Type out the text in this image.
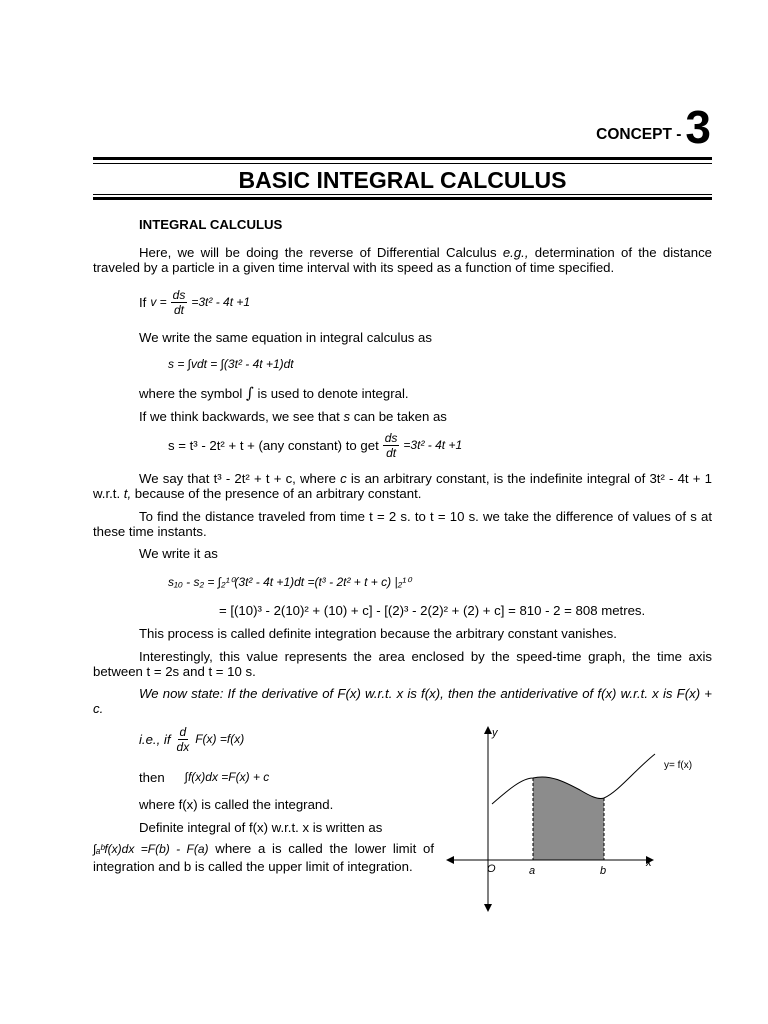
CONCEPT - 3
BASIC INTEGRAL CALCULUS
INTEGRAL CALCULUS
Here, we will be doing the reverse of Differential Calculus e.g., determination of the distance traveled by a particle in a given time interval with its speed as a function of time specified.
If $v = \frac{ds}{dt} =3t^2 - 4t +1$
We write the same equation in integral calculus as
s = ∫vdt = ∫(3t² - 4t +1)dt
where the symbol ∫ is used to denote integral.
If we think backwards, we see that s can be taken as
s = t³ - 2t² + t + (any constant) to get $\frac{ds}{dt} =3t^2 - 4t +1$
We say that t³ - 2t² + t + c, where c is an arbitrary constant, is the indefinite integral of 3t² - 4t + 1 w.r.t. t, because of the presence of an arbitrary constant.
To find the distance traveled from time t = 2 s. to t = 10 s. we take the difference of values of s at these time instants.
We write it as
s₁₀ - s₂ = ∫₂¹⁰(3t² - 4t +1)dt =(t³ - 2t² + t + c) |₂¹⁰
= [(10)³ - 2(10)² + (10) + c] - [(2)³ - 2(2)² + (2) + c] = 810 - 2 = 808 metres.
This process is called definite integration because the arbitrary constant vanishes.
Interestingly, this value represents the area enclosed by the speed-time graph, the time axis between t = 2s and t = 10 s.
We now state: If the derivative of F(x) w.r.t. x is f(x), then the antiderivative of f(x) w.r.t. x is F(x) + c.
i.e., if $\frac{d}{dx} F(x) =f(x)$
then ∫f(x)dx =F(x) + c
where f(x) is called the integrand.
Definite integral of f(x) w.r.t. x is written as
∫ₐᵇf(x)dx =F(b) - F(a) where a is called the lower limit of integration and b is called the upper limit of integration.
y
x
O	a	b
y= f(x)
